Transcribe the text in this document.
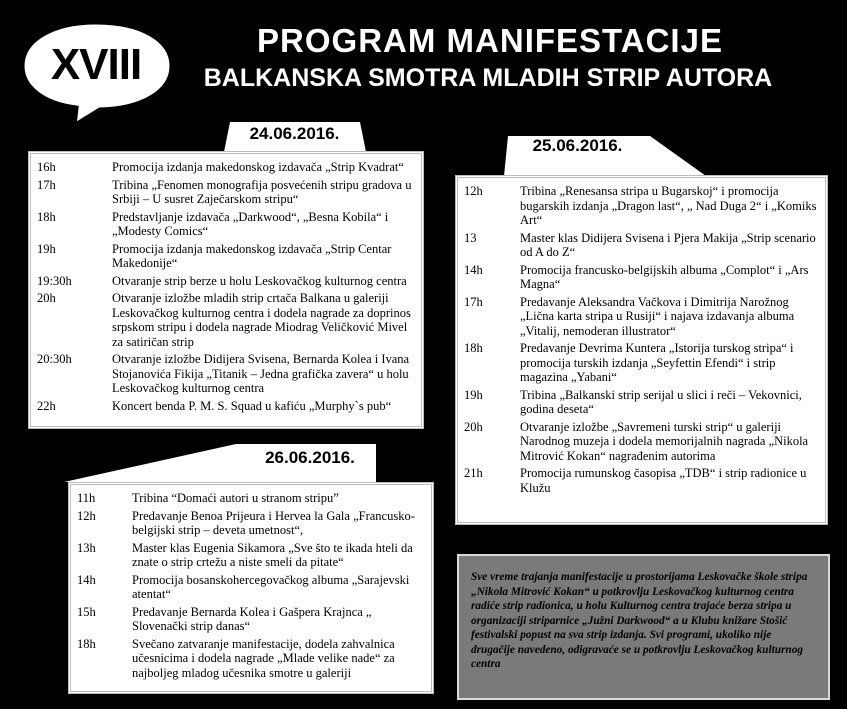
XVIII	PROGRAM MANIFESTACIJE
BALKANSKA SMOTRA MLADIH STRIP AUTORA
24.06.2016.
16h	Promocija izdanja makedonskog izdavača „Strip Kvadrat“
17h	Tribina „Fenomen monografija posvećenih stripu gradova u Srbiji – U susret Zaječarskom stripu“
18h	Predstavljanje izdavača „Darkwood“, „Besna Kobila“ i „Modesty Comics“
19h	Promocija izdanja makedonskog izdavača „Strip Centar Makedonije“
19:30h	Otvaranje strip berze u holu Leskovačkog kulturnog centra
20h	Otvaranje izložbe mladih strip crtača Balkana u galeriji Leskovačkog kulturnog centra i dodela nagrade za doprinos srpskom stripu i dodela nagrade Miodrag Veličković Mivel za satiričan strip
20:30h	Otvaranje izložbe Didijera Svisena, Bernarda Kolea i Ivana Stojanovića Fikija „Titanik – Jedna grafička zavera“ u holu Leskovačkog kulturnog centra
22h	Koncert benda P. M. S. Squad u kafiću „Murphy`s pub“
25.06.2016.
12h	Tribina „Renesansa stripa u Bugarskoj“ i promocija bugarskih izdanja „Dragon last“, „ Nad Duga 2“ i „Komiks Art“
13	Master klas Didijera Svisena i Pjera Makija „Strip scenario od A do Z“
14h	Promocija francusko-belgijskih albuma „Complot“ i „Ars Magna“
17h	Predavanje Aleksandra Vačkova i Dimitrija Narožnog „Lična karta stripa u Rusiji“ i najava izdavanja albuma „Vitalij, nemoderan illustrator“
18h	Predavanje Devrima Kuntera „Istorija turskog stripa“ i promocija turskih izdanja „Seyfettin Efendi“ i strip magazina „Yabani“
19h	Tribina „Balkanski strip serijal u slici i reči – Vekovnici, godina deseta“
20h	Otvaranje izložbe „Savremeni turski strip“ u galeriji Narodnog muzeja i dodela memorijalnih nagrada „Nikola Mitrović Kokan“ nagrađenim autorima
21h	Promocija rumunskog časopisa „TDB“ i strip radionice u Klužu
26.06.2016.
11h	Tribina “Domaći autori u stranom stripu”
12h	Predavanje Benoa Prijeura i Hervea la Gala „Francusko-belgijski strip – deveta umetnost“,
13h	Master klas Eugenia Sikamora „Sve što te ikada hteli da znate o strip crtežu a niste smeli da pitate“
14h	Promocija bosanskohercegovačkog albuma „Sarajevski atentat“
15h	Predavanje Bernarda Kolea i Gašpera Krajnca „ Slovenački strip danas“
18h	Svečano zatvaranje manifestacije, dodela zahvalnica učesnicima i dodela nagrade „Mlade velike nade“ za najboljeg mladog učesnika smotre u galeriji
Sve vreme trajanja manifestacije u prostorijama Leskovačke škole stripa „Nikola Mitrović Kokan“ u potkrovlju Leskovačkog kulturnog centra radiće strip radionica, u holu Kulturnog centra trajaće berza stripa u organizaciji striparnice „Južni Darkwood“ a u Klubu knižare Stošić festivalski popust na sva strip izdanja. Svi programi, ukoliko nije drugačije navedeno, odigravaće se u potkrovlju Leskovačkog kulturnog centra
